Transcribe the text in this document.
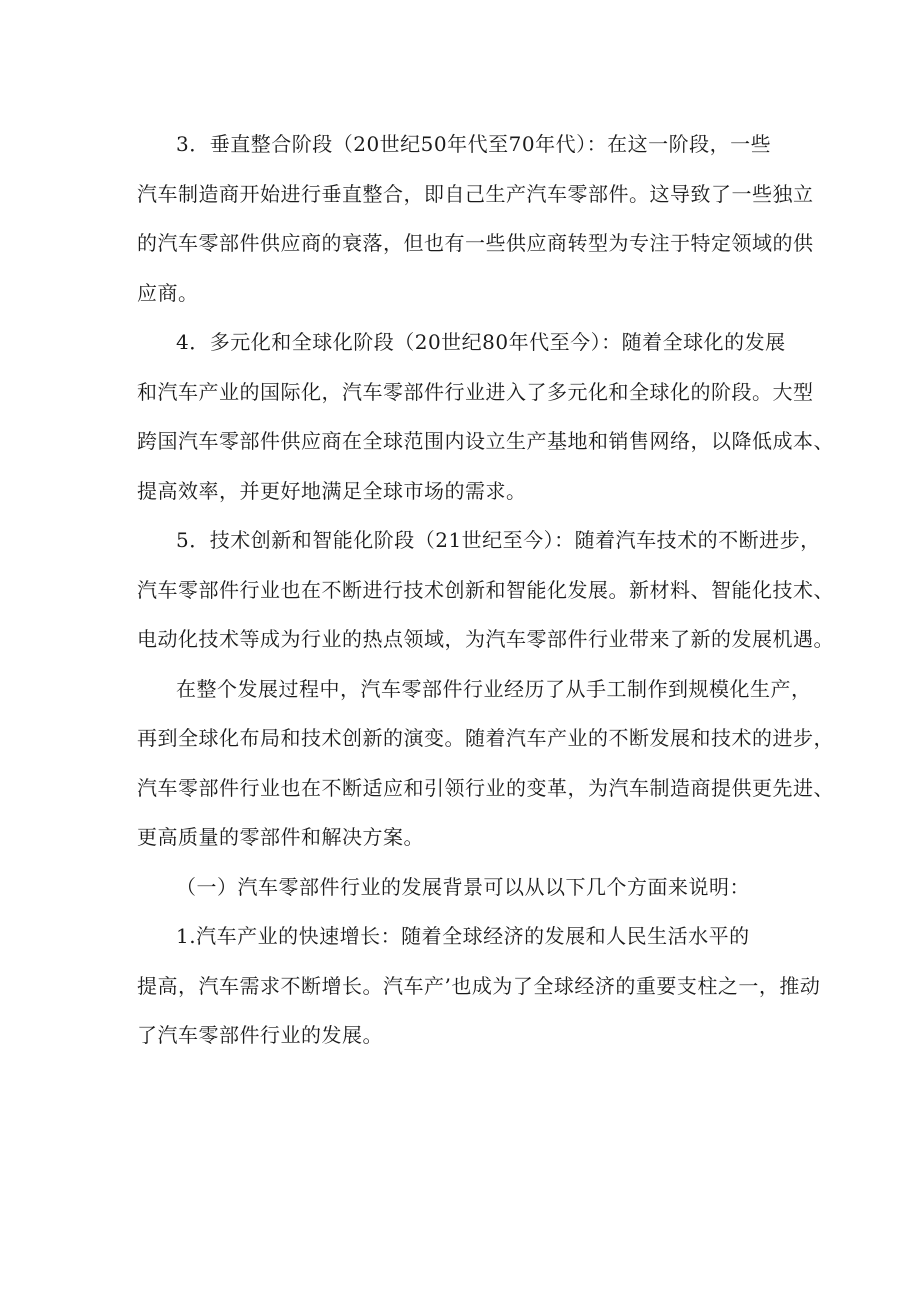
3．垂直整合阶段（20世纪50年代至70年代）：在这一阶段，一些
汽车制造商开始进行垂直整合，即自己生产汽车零部件。这导致了一些独立
的汽车零部件供应商的衰落，但也有一些供应商转型为专注于特定领域的供
应商。
4．多元化和全球化阶段（20世纪80年代至今）：随着全球化的发展
和汽车产业的国际化，汽车零部件行业进入了多元化和全球化的阶段。大型
跨国汽车零部件供应商在全球范围内设立生产基地和销售网络，以降低成本、
提高效率，并更好地满足全球市场的需求。
5．技术创新和智能化阶段（21世纪至今）：随着汽车技术的不断进步，
汽车零部件行业也在不断进行技术创新和智能化发展。新材料、智能化技术、
电动化技术等成为行业的热点领域，为汽车零部件行业带来了新的发展机遇。
在整个发展过程中，汽车零部件行业经历了从手工制作到规模化生产，
再到全球化布局和技术创新的演变。随着汽车产业的不断发展和技术的进步，
汽车零部件行业也在不断适应和引领行业的变革，为汽车制造商提供更先进、
更高质量的零部件和解决方案。
（一）汽车零部件行业的发展背景可以从以下几个方面来说明：
1.汽车产业的快速增长：随着全球经济的发展和人民生活水平的
提高，汽车需求不断增长。汽车产’也成为了全球经济的重要支柱之一，推动
了汽车零部件行业的发展。
